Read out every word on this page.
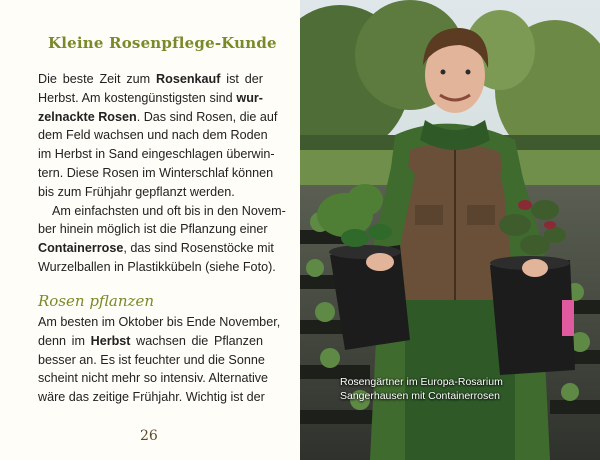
Kleine Rosenpflege-Kunde
Die beste Zeit zum Rosenkauf ist der
Herbst. Am kostengünstigsten sind wur-
zelnackte Rosen. Das sind Rosen, die auf
dem Feld wachsen und nach dem Roden
im Herbst in Sand eingeschlagen überwin-
tern. Diese Rosen im Winterschlaf können
bis zum Frühjahr gepflanzt werden.
Am einfachsten und oft bis in den Novem-
ber hinein möglich ist die Pflanzung einer
Containerrose, das sind Rosenstöcke mit
Wurzelballen in Plastikkübeln (siehe Foto).
Rosen pflanzen
Am besten im Oktober bis Ende November,
denn im Herbst wachsen die Pflanzen
besser an. Es ist feuchter und die Sonne
scheint nicht mehr so intensiv. Alternative
wäre das zeitige Frühjahr. Wichtig ist der
26
Rosengärtner im Europa-Rosarium
Sangerhausen mit Containerrosen
